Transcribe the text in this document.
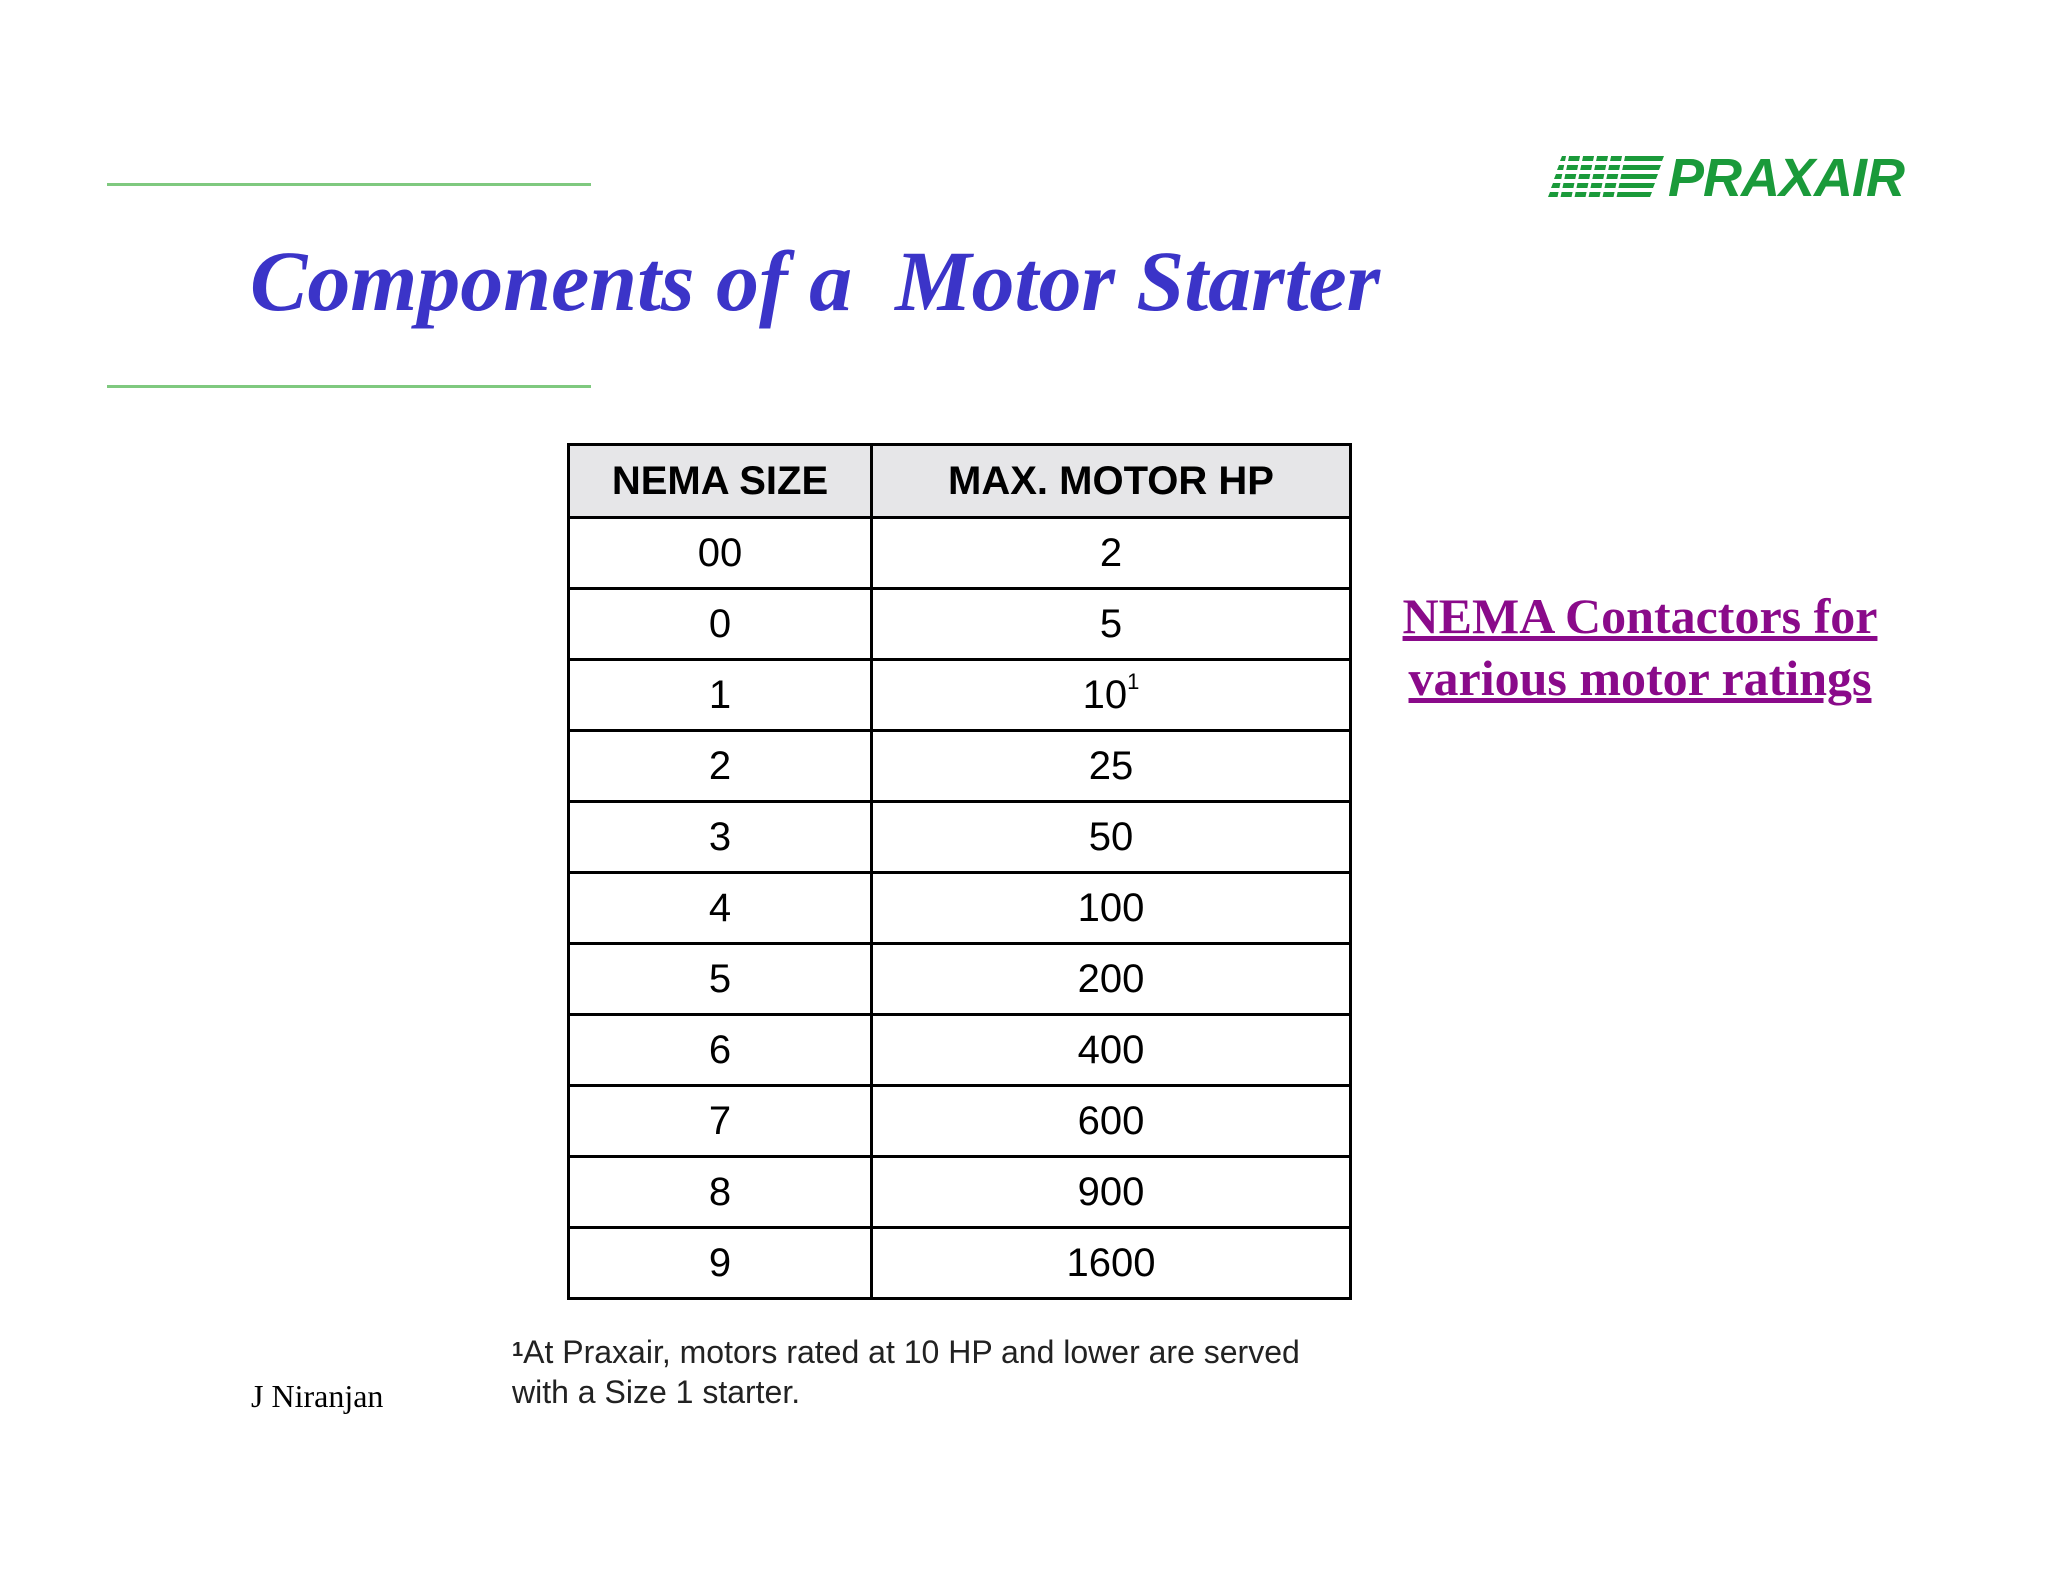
Components of a  Motor Starter
PRAXAIR
NEMA SIZE	MAX. MOTOR HP
00	2
0	5
1	$10^1$
2	25
3	50
4	100
5	200
6	400
7	600
8	900
9	1600

$^1$At Praxair, motors rated at 10 HP and lower are served
with a Size 1 starter.

NEMA Contactors for various motor ratings
J Niranjan
